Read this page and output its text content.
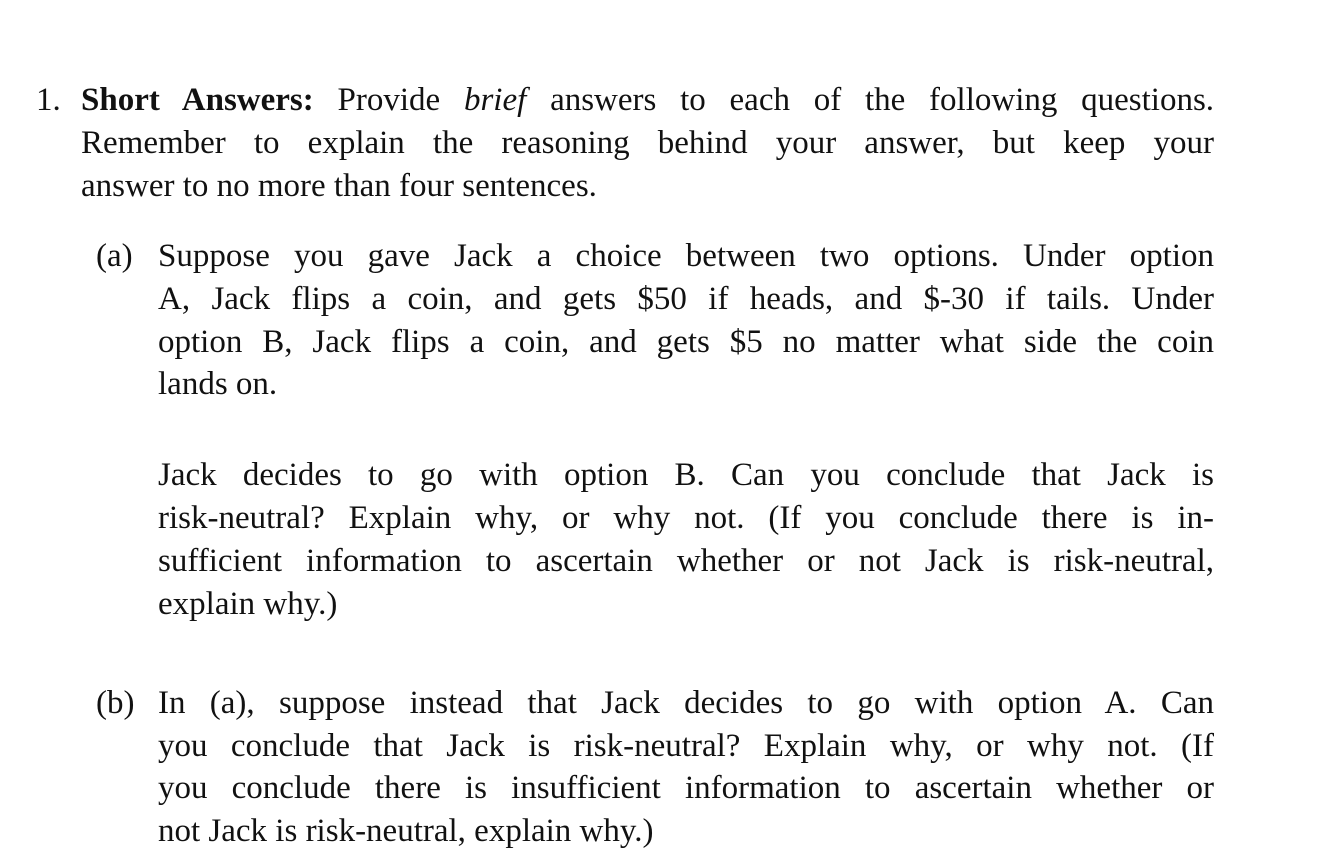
1. Short Answers: Provide brief answers to each of the following questions.
Remember to explain the reasoning behind your answer, but keep your
answer to no more than four sentences.
(a) Suppose you gave Jack a choice between two options. Under option
A, Jack flips a coin, and gets $50 if heads, and $-30 if tails. Under
option B, Jack flips a coin, and gets $5 no matter what side the coin
lands on.
Jack decides to go with option B. Can you conclude that Jack is
risk-neutral? Explain why, or why not. (If you conclude there is in-
sufficient information to ascertain whether or not Jack is risk-neutral,
explain why.)
(b) In (a), suppose instead that Jack decides to go with option A. Can
you conclude that Jack is risk-neutral? Explain why, or why not. (If
you conclude there is insufficient information to ascertain whether or
not Jack is risk-neutral, explain why.)
